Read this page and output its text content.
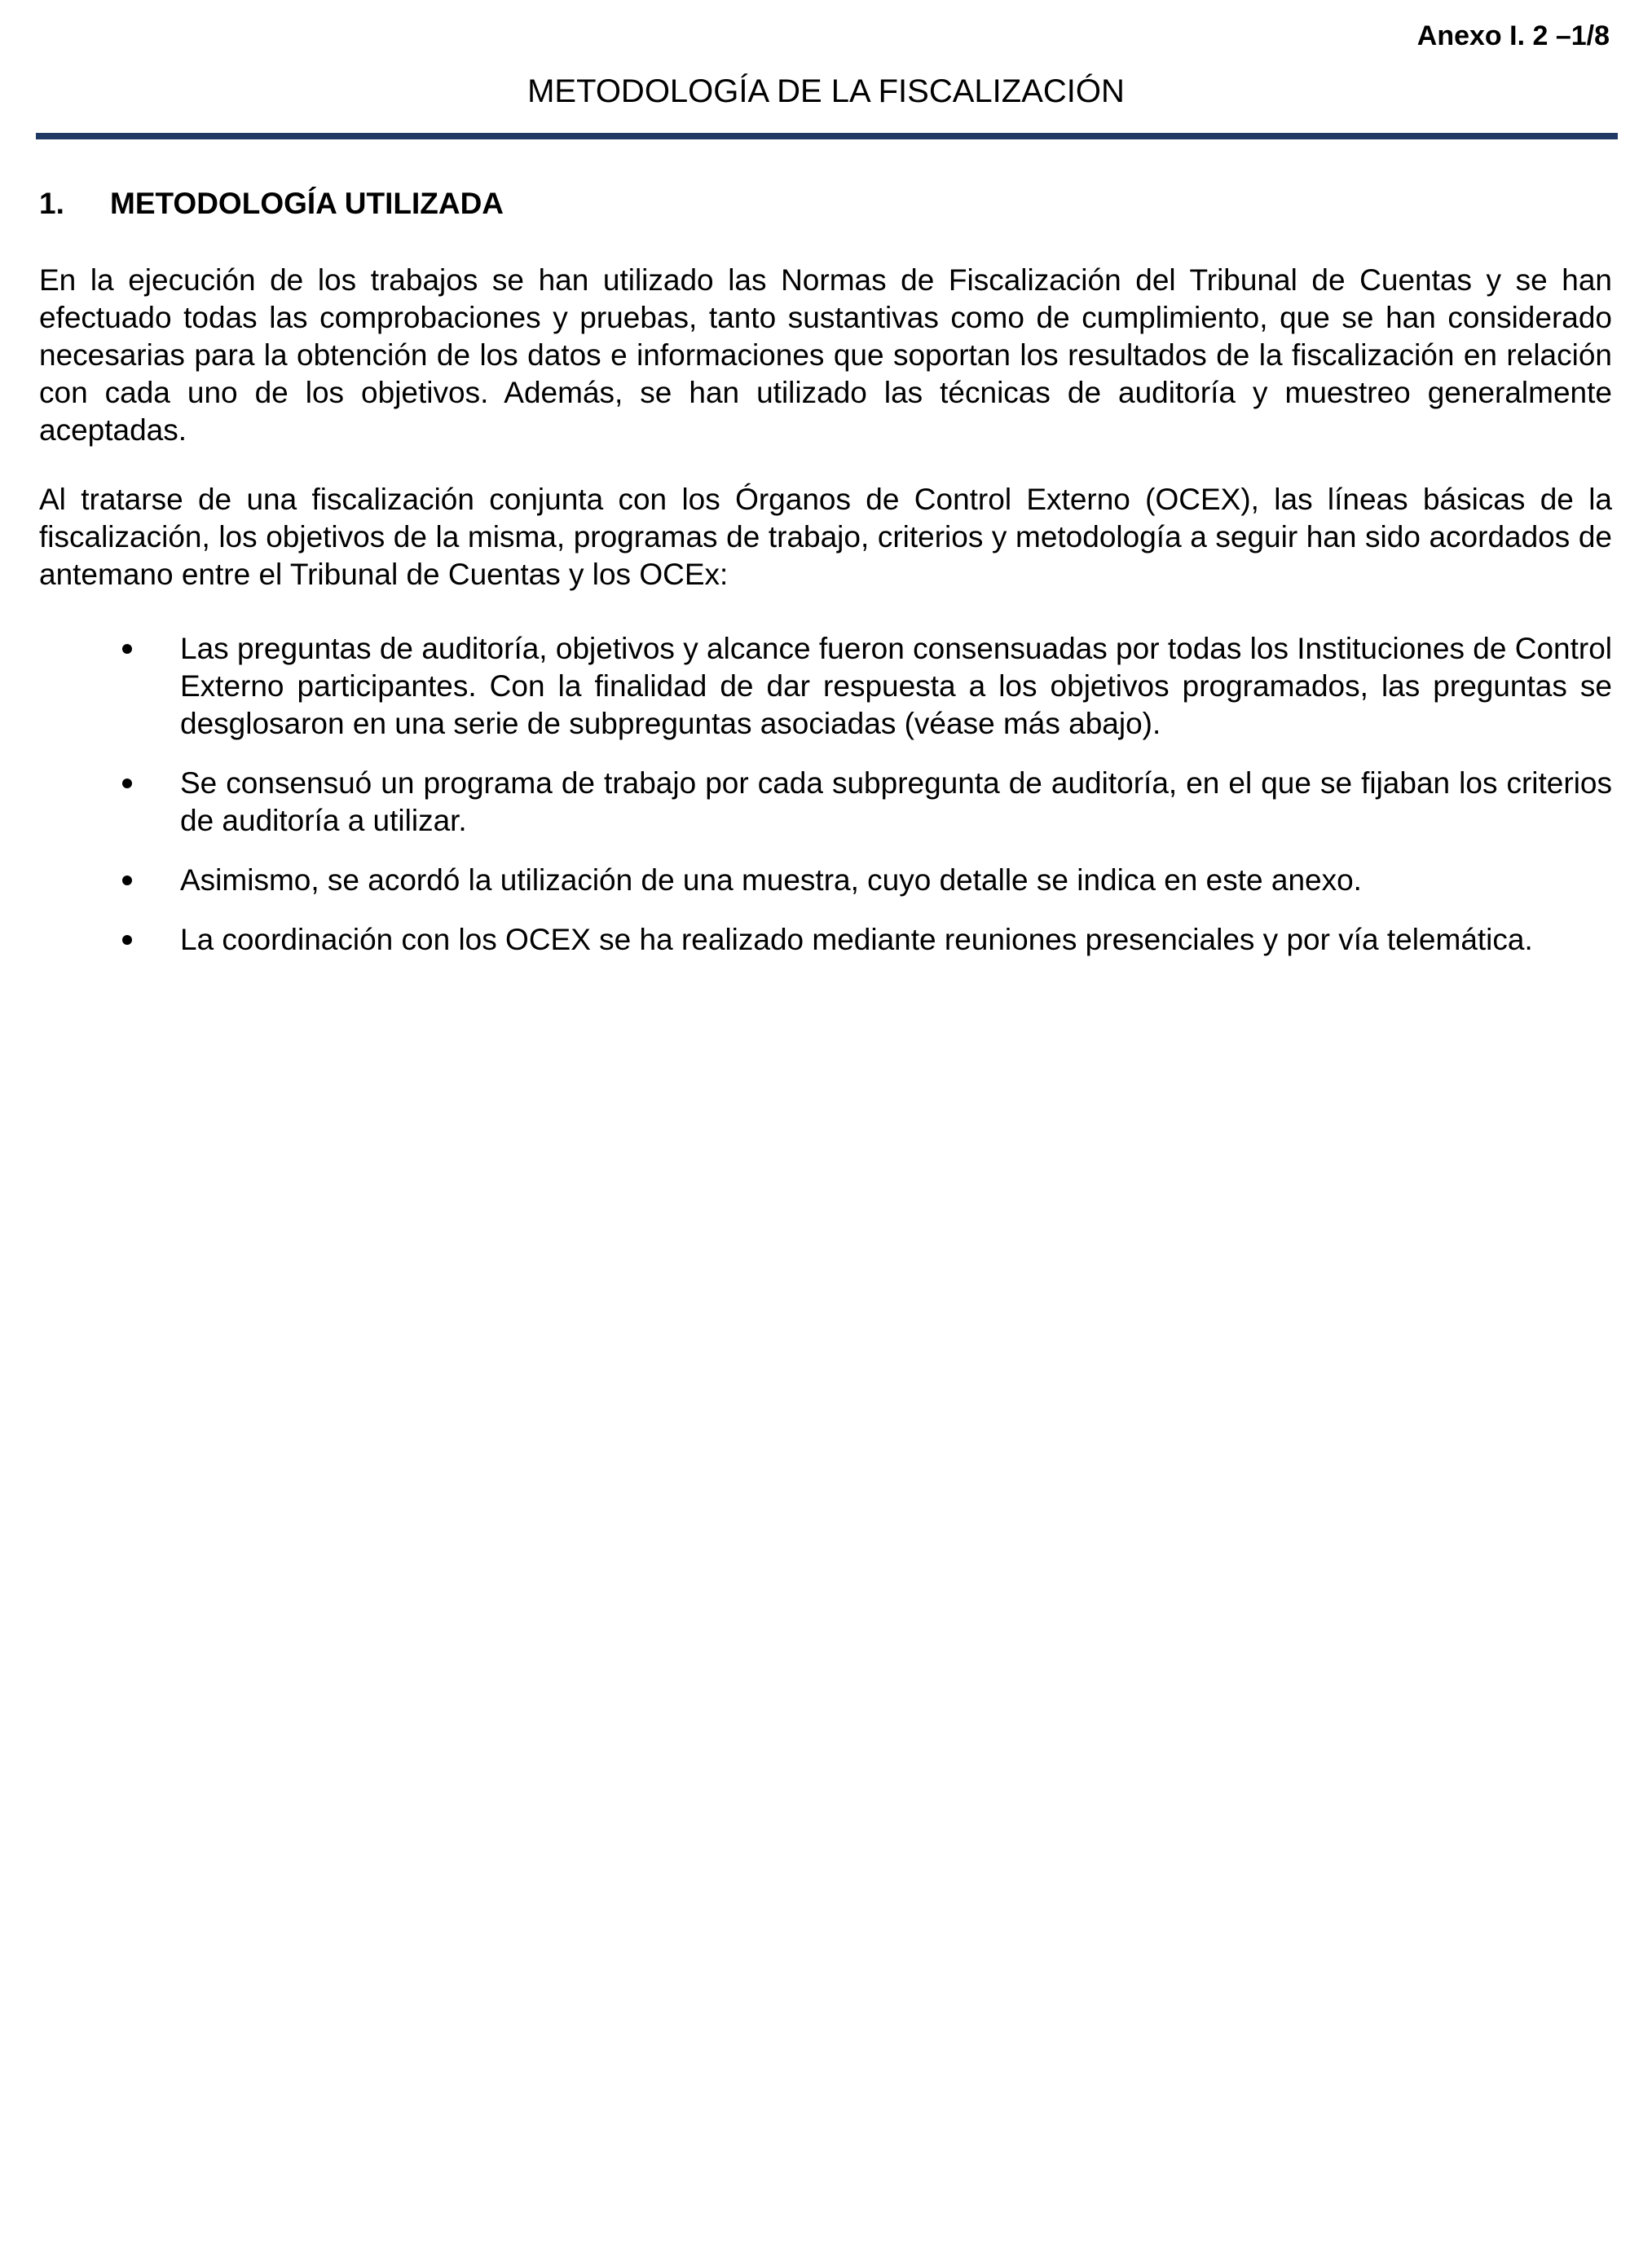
Anexo I. 2 –1/8
METODOLOGÍA DE LA FISCALIZACIÓN
1. METODOLOGÍA UTILIZADA

En la ejecución de los trabajos se han utilizado las Normas de Fiscalización del Tribunal de Cuentas y se han efectuado todas las comprobaciones y pruebas, tanto sustantivas como de cumplimiento, que se han considerado necesarias para la obtención de los datos e informaciones que soportan los resultados de la fiscalización en relación con cada uno de los objetivos. Además, se han utilizado las técnicas de auditoría y muestreo generalmente aceptadas.

Al tratarse de una fiscalización conjunta con los Órganos de Control Externo (OCEX), las líneas básicas de la fiscalización, los objetivos de la misma, programas de trabajo, criterios y metodología a seguir han sido acordados de antemano entre el Tribunal de Cuentas y los OCEx:

Las preguntas de auditoría, objetivos y alcance fueron consensuadas por todas los Instituciones de Control Externo participantes. Con la finalidad de dar respuesta a los objetivos programados, las preguntas se desglosaron en una serie de subpreguntas asociadas (véase más abajo).
Se consensuó un programa de trabajo por cada subpregunta de auditoría, en el que se fijaban los criterios de auditoría a utilizar.
Asimismo, se acordó la utilización de una muestra, cuyo detalle se indica en este anexo.
La coordinación con los OCEX se ha realizado mediante reuniones presenciales y por vía telemática.
